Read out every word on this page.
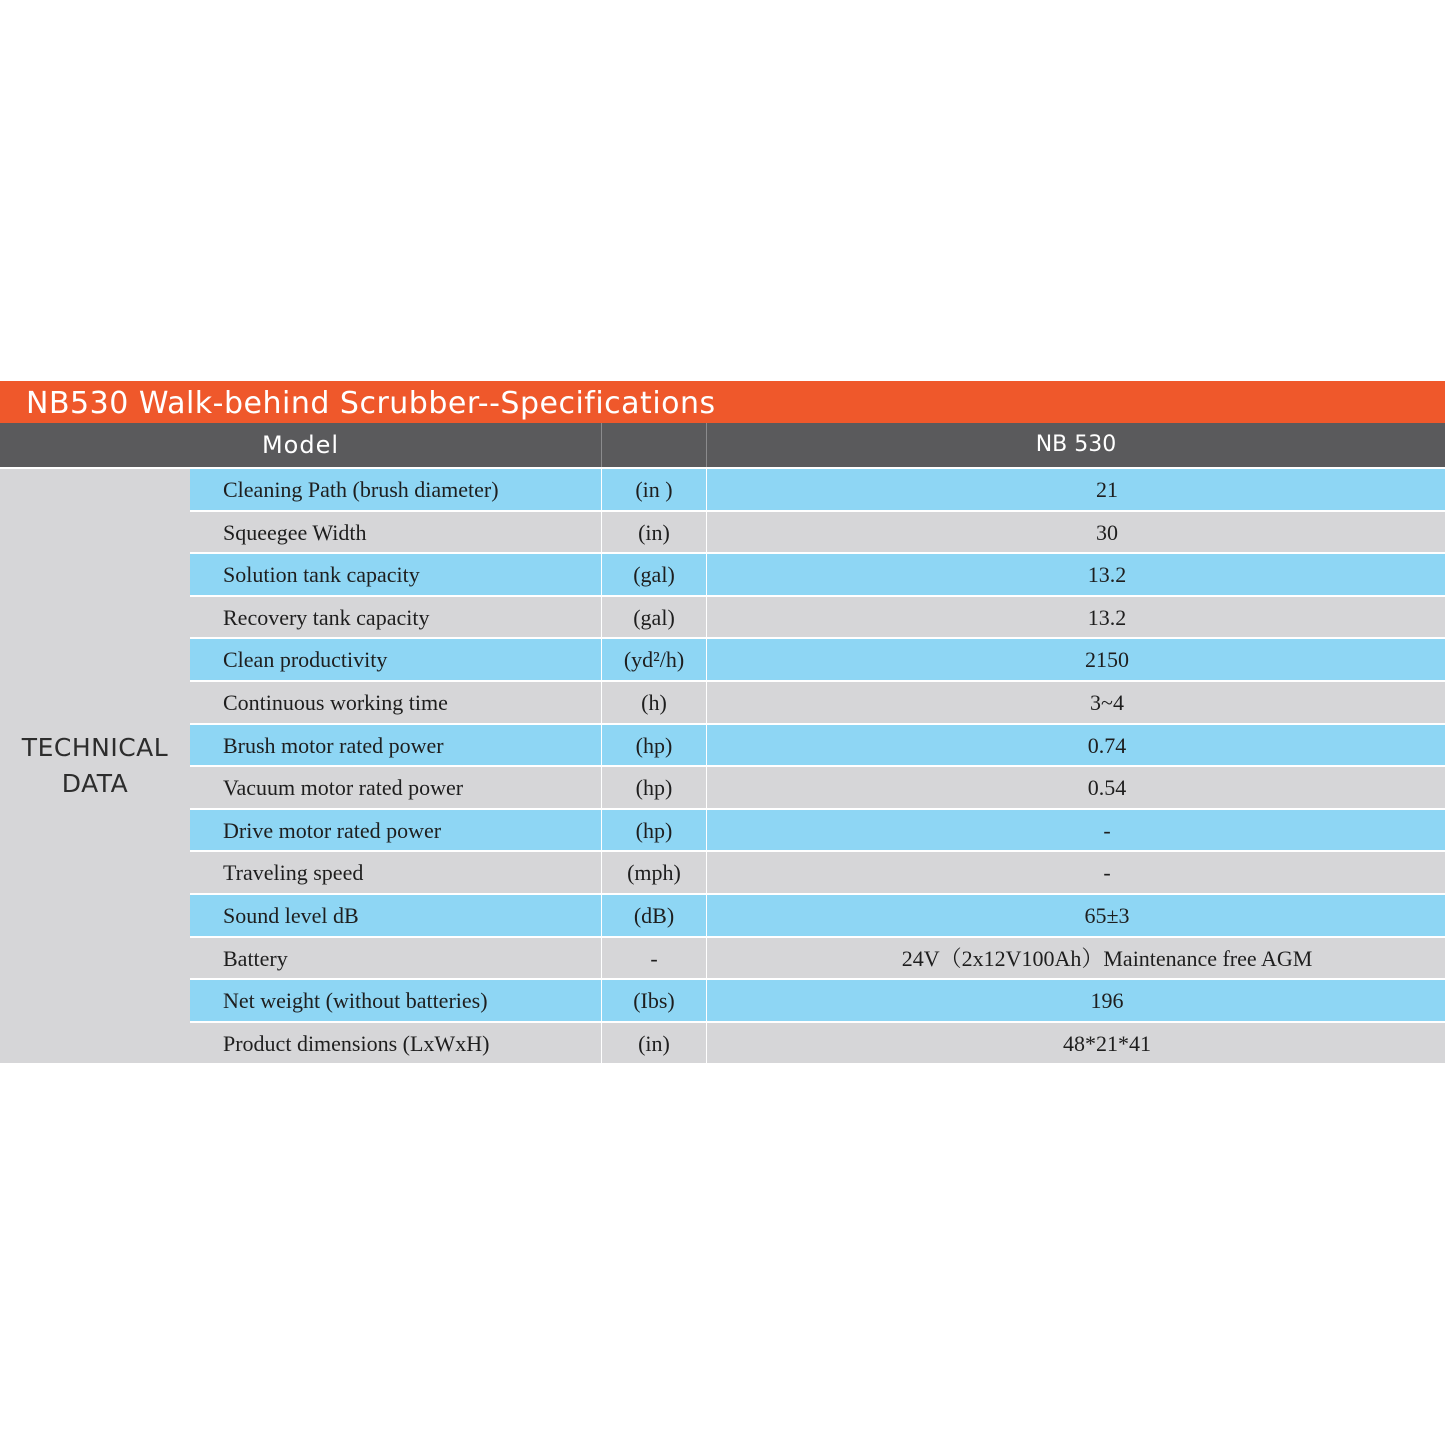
NB530 Walk-behind Scrubber--Specifications
Model	NB 530
TECHNICAL
DATA
Cleaning Path (brush diameter)	(in )	21
Squeegee Width	(in)	30
Solution tank capacity	(gal)	13.2
Recovery tank capacity	(gal)	13.2
Clean productivity	(yd²/h)	2150
Continuous working time	(h)	3~4
Brush motor rated power	(hp)	0.74
Vacuum motor rated power	(hp)	0.54
Drive motor rated power	(hp)	-
Traveling speed	(mph)	-
Sound level dB	(dB)	65±3
Battery	-	24V（2x12V100Ah）Maintenance free AGM
Net weight (without batteries)	(Ibs)	196
Product dimensions (LxWxH)	(in)	48*21*41
